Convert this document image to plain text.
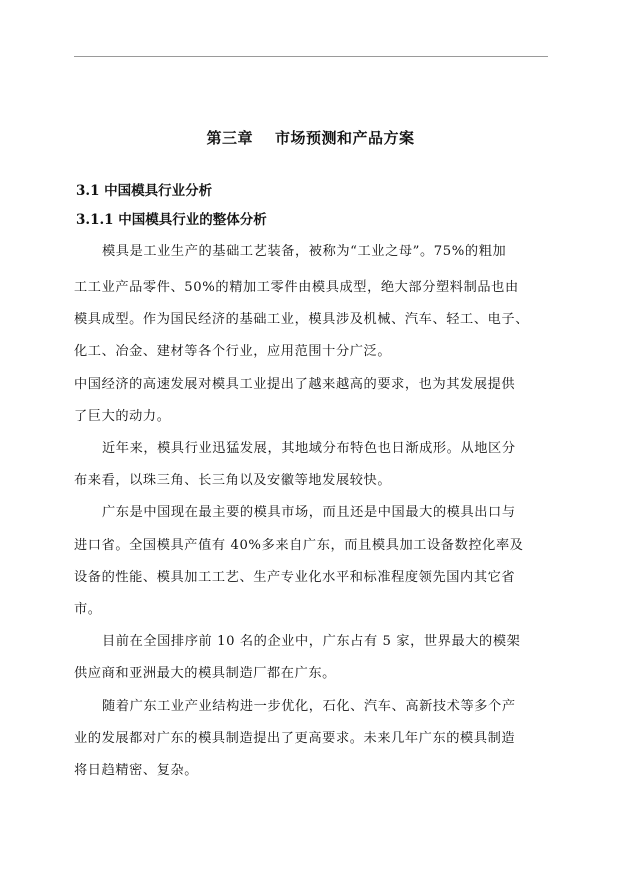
第三章 市场预测和产品方案
3.1 中国模具行业分析
3.1.1 中国模具行业的整体分析
模具是工业生产的基础工艺装备，被称为“工业之母”。75%的粗加
工工业产品零件、50%的精加工零件由模具成型，绝大部分塑料制品也由
模具成型。作为国民经济的基础工业，模具涉及机械、汽车、轻工、电子、
化工、冶金、建材等各个行业，应用范围十分广泛。
中国经济的高速发展对模具工业提出了越来越高的要求，也为其发展提供
了巨大的动力。
近年来，模具行业迅猛发展，其地域分布特色也日渐成形。从地区分
布来看，以珠三角、长三角以及安徽等地发展较快。
广东是中国现在最主要的模具市场，而且还是中国最大的模具出口与
进口省。全国模具产值有 40%多来自广东，而且模具加工设备数控化率及
设备的性能、模具加工工艺、生产专业化水平和标准程度领先国内其它省
市。
目前在全国排序前 10 名的企业中，广东占有 5 家，世界最大的模架
供应商和亚洲最大的模具制造厂都在广东。
随着广东工业产业结构进一步优化，石化、汽车、高新技术等多个产
业的发展都对广东的模具制造提出了更高要求。未来几年广东的模具制造
将日趋精密、复杂。
